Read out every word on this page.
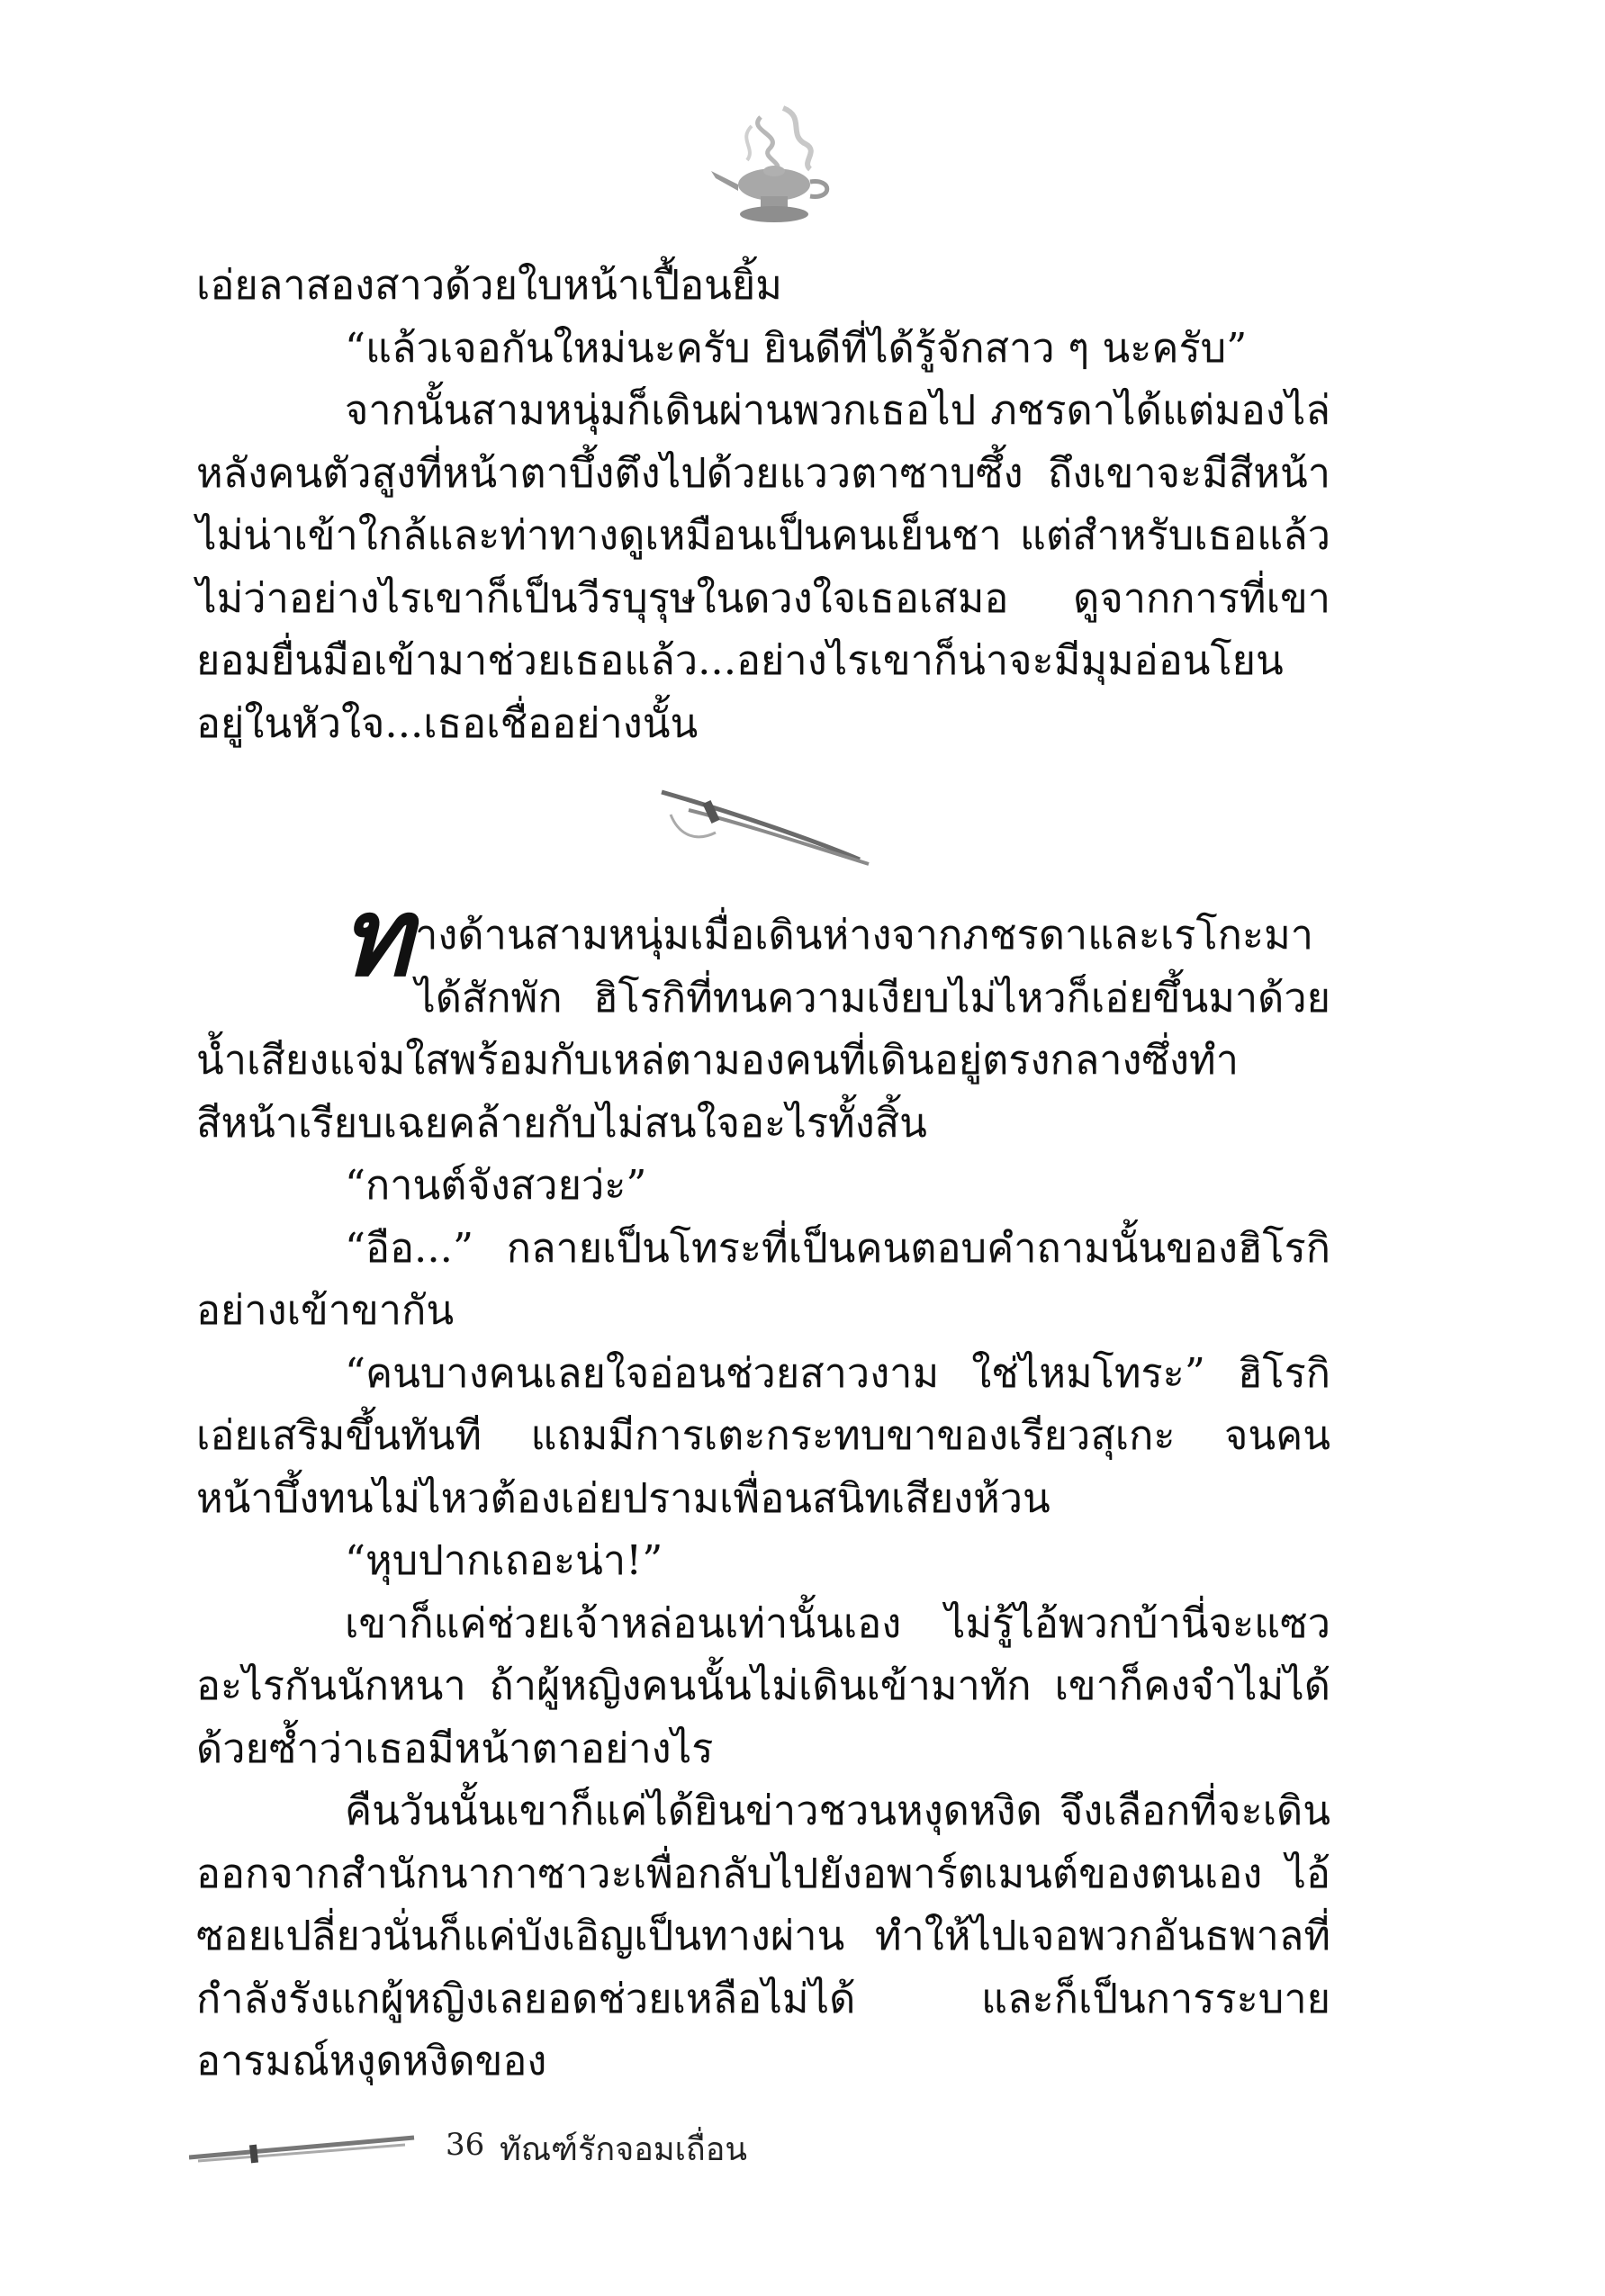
เอ่ยลาสองสาวด้วยใบหน้าเปื้อนยิ้ม

“แล้วเจอกันใหม่นะครับ ยินดีที่ได้รู้จักสาว ๆ นะครับ”

จากนั้นสามหนุ่มก็เดินผ่านพวกเธอไป ภชรดาได้แต่มองไล่หลังคนตัวสูงที่หน้าตาบึ้งตึงไปด้วยแววตาซาบซึ้ง ถึงเขาจะมีสีหน้าไม่น่าเข้าใกล้และท่าทางดูเหมือนเป็นคนเย็นชา แต่สำหรับเธอแล้วไม่ว่าอย่างไรเขาก็เป็นวีรบุรุษในดวงใจเธอเสมอ ดูจากการที่เขายอมยื่นมือเข้ามาช่วยเธอแล้ว...อย่างไรเขาก็น่าจะมีมุมอ่อนโยนอยู่ในหัวใจ...เธอเชื่ออย่างนั้น

ทางด้านสามหนุ่มเมื่อเดินห่างจากภชรดาและเรโกะมาได้สักพัก ฮิโรกิที่ทนความเงียบไม่ไหวก็เอ่ยขึ้นมาด้วยน้ำเสียงแจ่มใสพร้อมกับเหล่ตามองคนที่เดินอยู่ตรงกลางซึ่งทำสีหน้าเรียบเฉยคล้ายกับไม่สนใจอะไรทั้งสิ้น

“กานต์จังสวยว่ะ”

“อือ...” กลายเป็นโทระที่เป็นคนตอบคำถามนั้นของฮิโรกิอย่างเข้าขากัน

“คนบางคนเลยใจอ่อนช่วยสาวงาม ใช่ไหมโทระ” ฮิโรกิเอ่ยเสริมขึ้นทันที แถมมีการเตะกระทบขาของเรียวสุเกะ จนคนหน้าบึ้งทนไม่ไหวต้องเอ่ยปรามเพื่อนสนิทเสียงห้วน

“หุบปากเถอะน่า!”

เขาก็แค่ช่วยเจ้าหล่อนเท่านั้นเอง ไม่รู้ไอ้พวกบ้านี่จะแซวอะไรกันนักหนา ถ้าผู้หญิงคนนั้นไม่เดินเข้ามาทัก เขาก็คงจำไม่ได้ด้วยซ้ำว่าเธอมีหน้าตาอย่างไร

คืนวันนั้นเขาก็แค่ได้ยินข่าวชวนหงุดหงิด จึงเลือกที่จะเดินออกจากสำนักนากาซาวะเพื่อกลับไปยังอพาร์ตเมนต์ของตนเอง ไอ้ซอยเปลี่ยวนั่นก็แค่บังเอิญเป็นทางผ่าน ทำให้ไปเจอพวกอันธพาลที่กำลังรังแกผู้หญิงเลยอดช่วยเหลือไม่ได้ และก็เป็นการระบายอารมณ์หงุดหงิดของ

36 ทัณฑ์รักจอมเถื่อน
